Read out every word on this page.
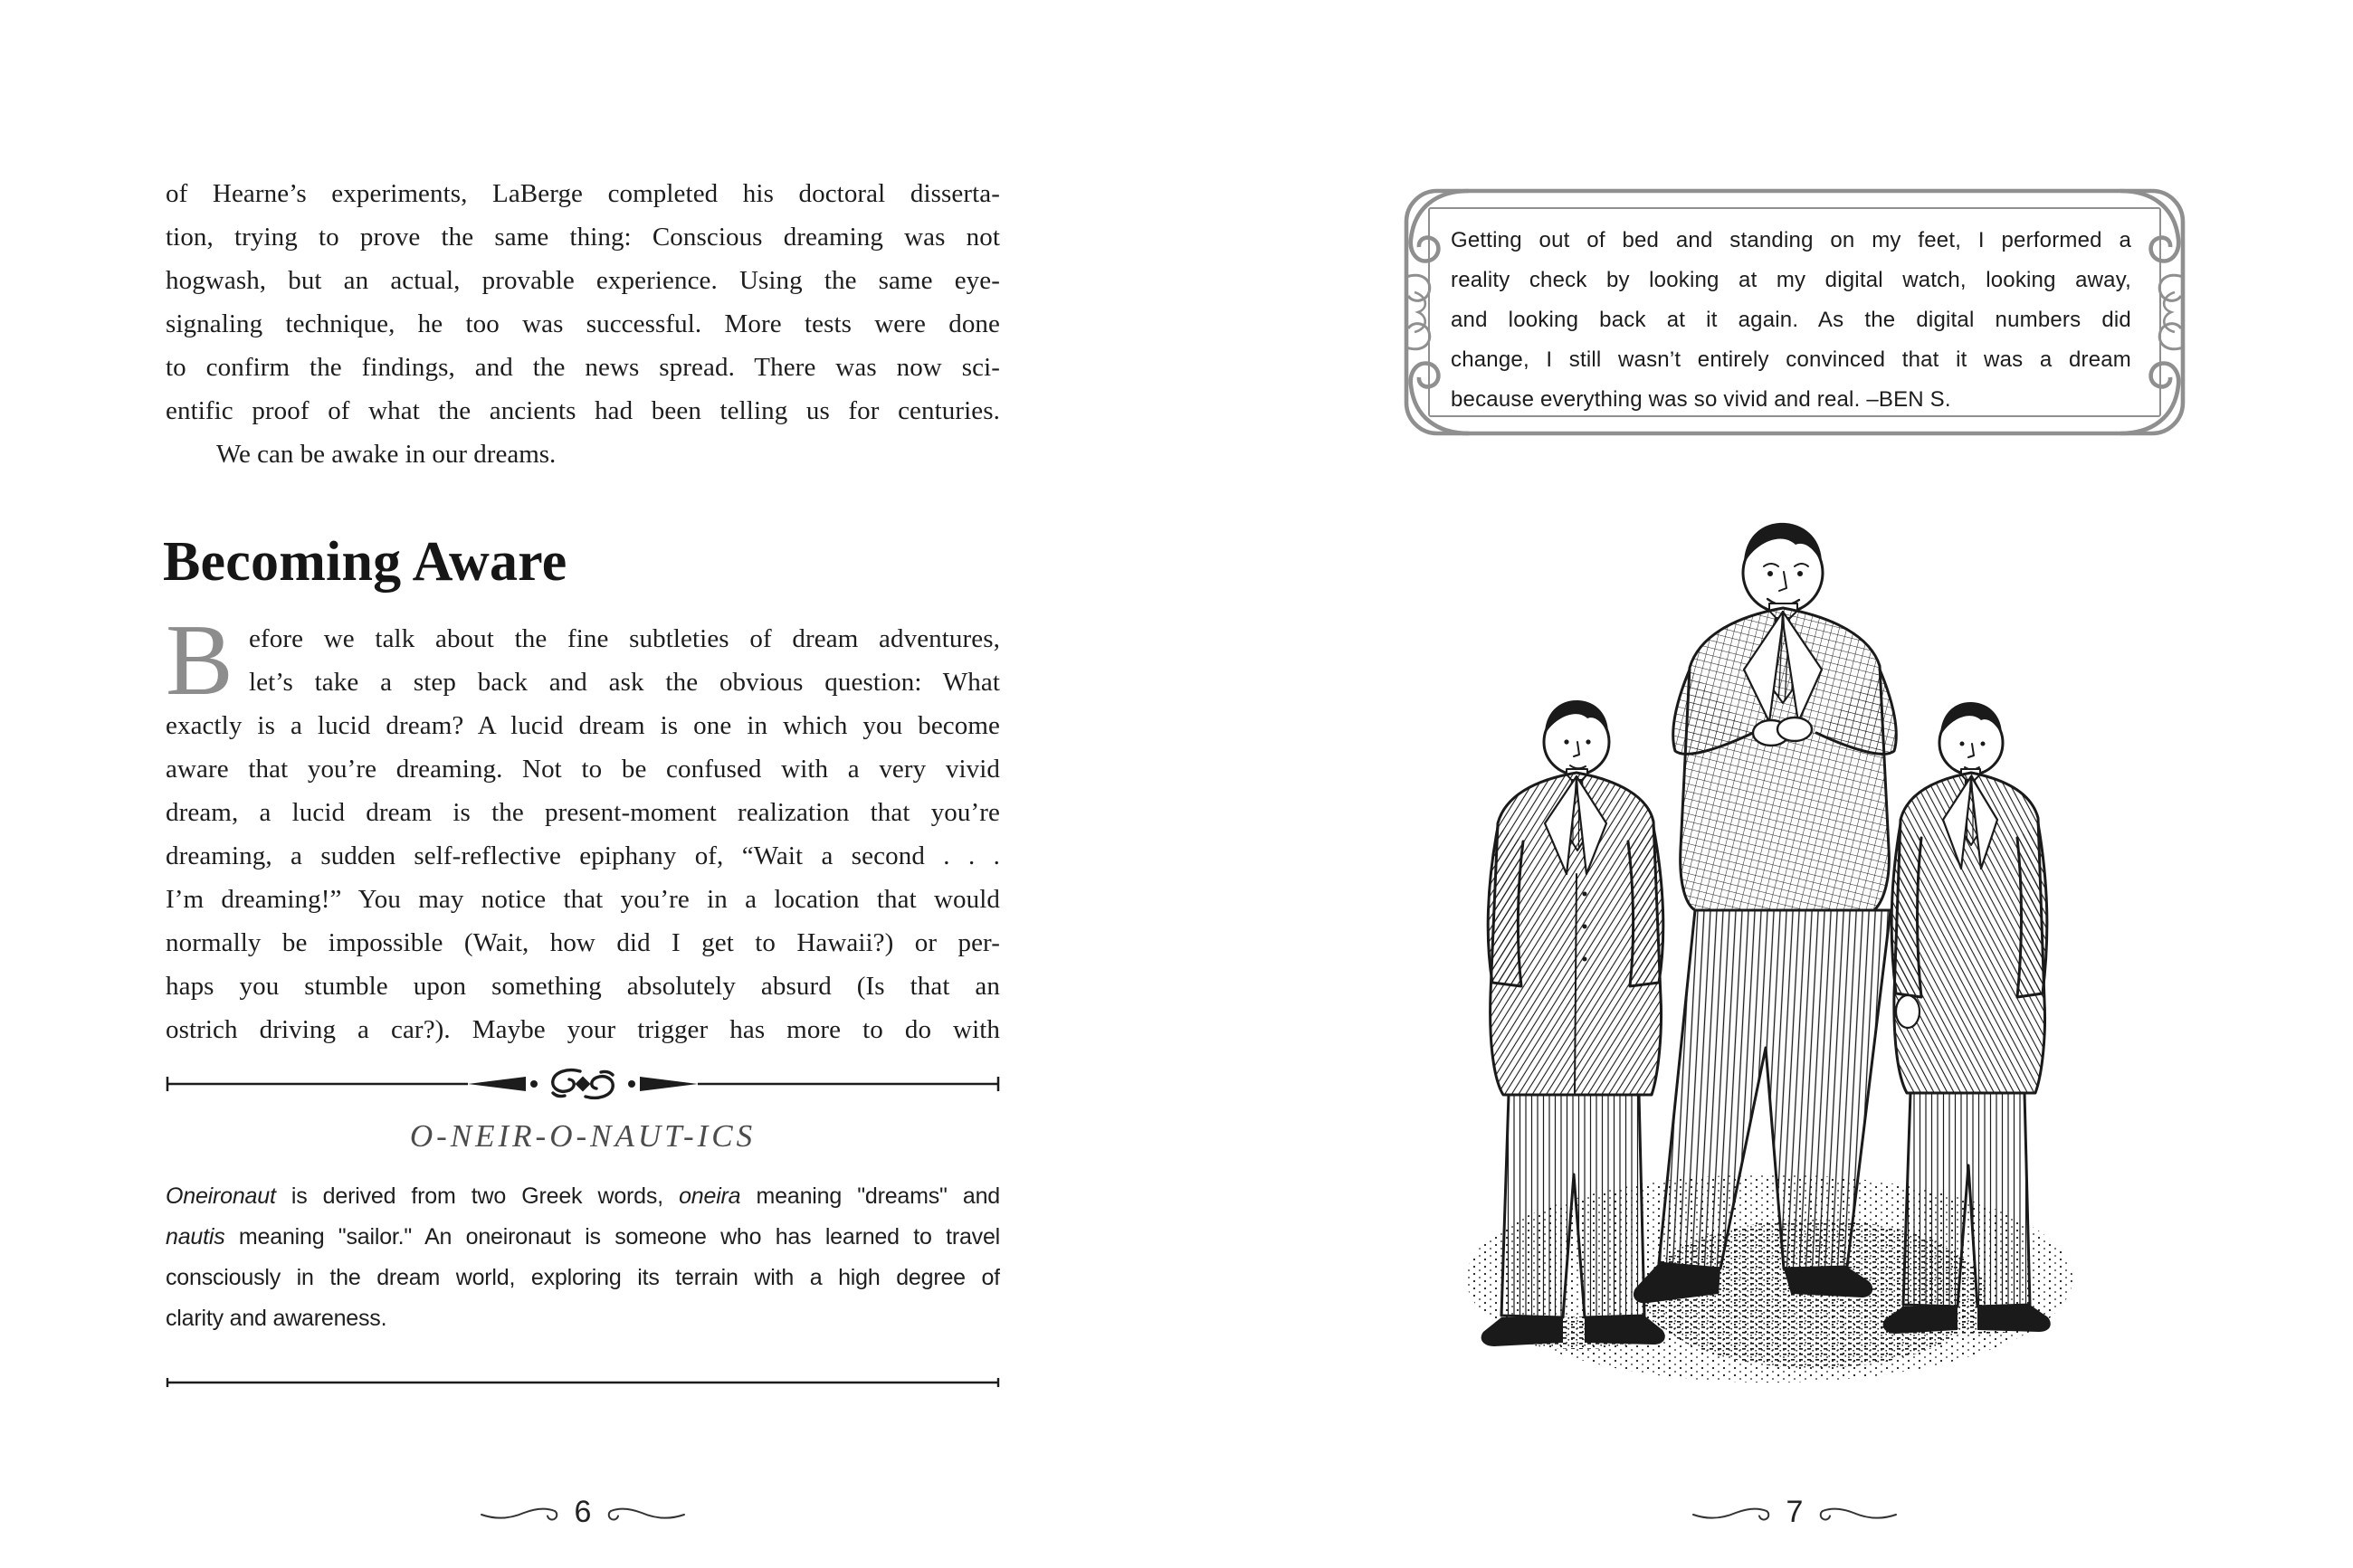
of Hearne’s experiments, LaBerge completed his doctoral disserta-
tion, trying to prove the same thing: Conscious dreaming was not
hogwash, but an actual, provable experience. Using the same eye-
signaling technique, he too was successful. More tests were done
to confirm the findings, and the news spread. There was now sci-
entific proof of what the ancients had been telling us for centuries.
We can be awake in our dreams.
Becoming Aware
B efore we talk about the fine subtleties of dream adventures,
let’s take a step back and ask the obvious question: What
exactly is a lucid dream? A lucid dream is one in which you become
aware that you’re dreaming. Not to be confused with a very vivid
dream, a lucid dream is the present-moment realization that you’re
dreaming, a sudden self-reflective epiphany of, “Wait a second . . .
I’m dreaming!” You may notice that you’re in a location that would
normally be impossible (Wait, how did I get to Hawaii?) or per-
haps you stumble upon something absolutely absurd (Is that an
ostrich driving a car?). Maybe your trigger has more to do with
O-NEIR-O-NAUT-ICS
Oneironaut is derived from two Greek words, oneira meaning "dreams" and
nautis meaning "sailor." An oneironaut is someone who has learned to travel
consciously in the dream world, exploring its terrain with a high degree of
clarity and awareness.
6
Getting out of bed and standing on my feet, I performed a
reality check by looking at my digital watch, looking away,
and looking back at it again. As the digital numbers did
change, I still wasn’t entirely convinced that it was a dream
because everything was so vivid and real. –BEN S.
7
